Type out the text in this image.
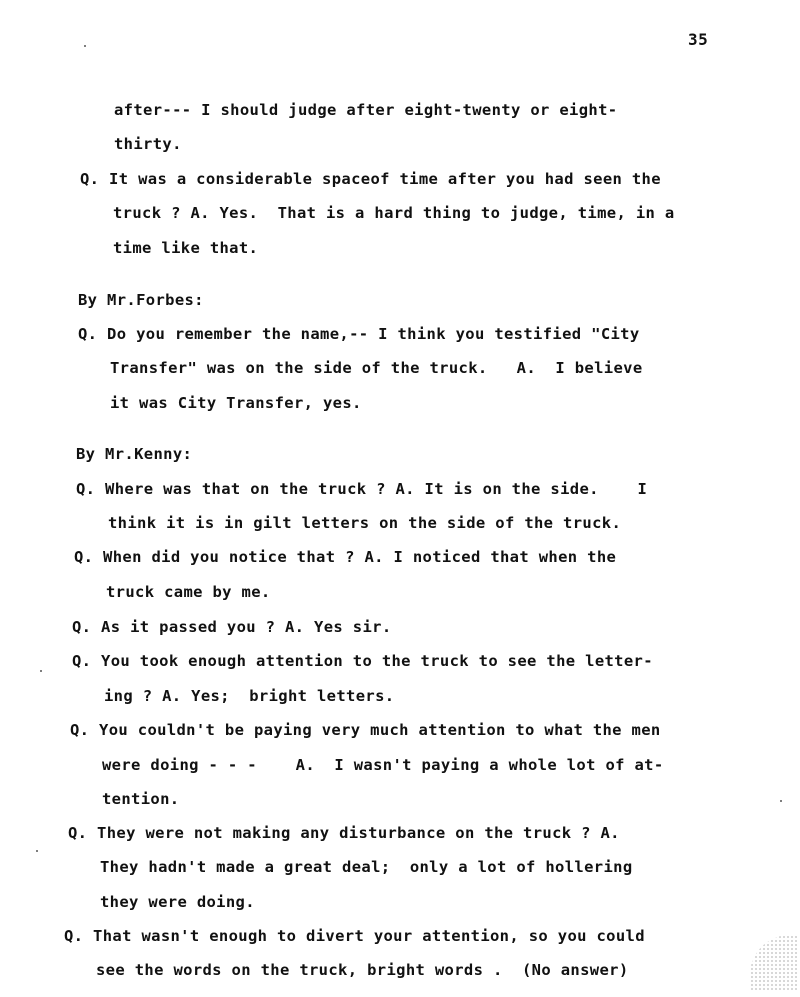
35
after--- I should judge after eight-twenty or eight-
thirty.
Q. It was a considerable spaceof time after you had seen the
truck ? A. Yes.  That is a hard thing to judge, time, in a
time like that.
By Mr.Forbes:
Q. Do you remember the name,-- I think you testified "City
Transfer" was on the side of the truck.   A.  I believe
it was City Transfer, yes.
By Mr.Kenny:
Q. Where was that on the truck ? A. It is on the side.    I
think it is in gilt letters on the side of the truck.
Q. When did you notice that ? A. I noticed that when the
truck came by me.
Q. As it passed you ? A. Yes sir.
Q. You took enough attention to the truck to see the letter-
ing ? A. Yes;  bright letters.
Q. You couldn't be paying very much attention to what the men
were doing - - -    A.  I wasn't paying a whole lot of at-
tention.
Q. They were not making any disturbance on the truck ? A.
They hadn't made a great deal;  only a lot of hollering
they were doing.
Q. That wasn't enough to divert your attention, so you could
see the words on the truck, bright words .  (No answer)
